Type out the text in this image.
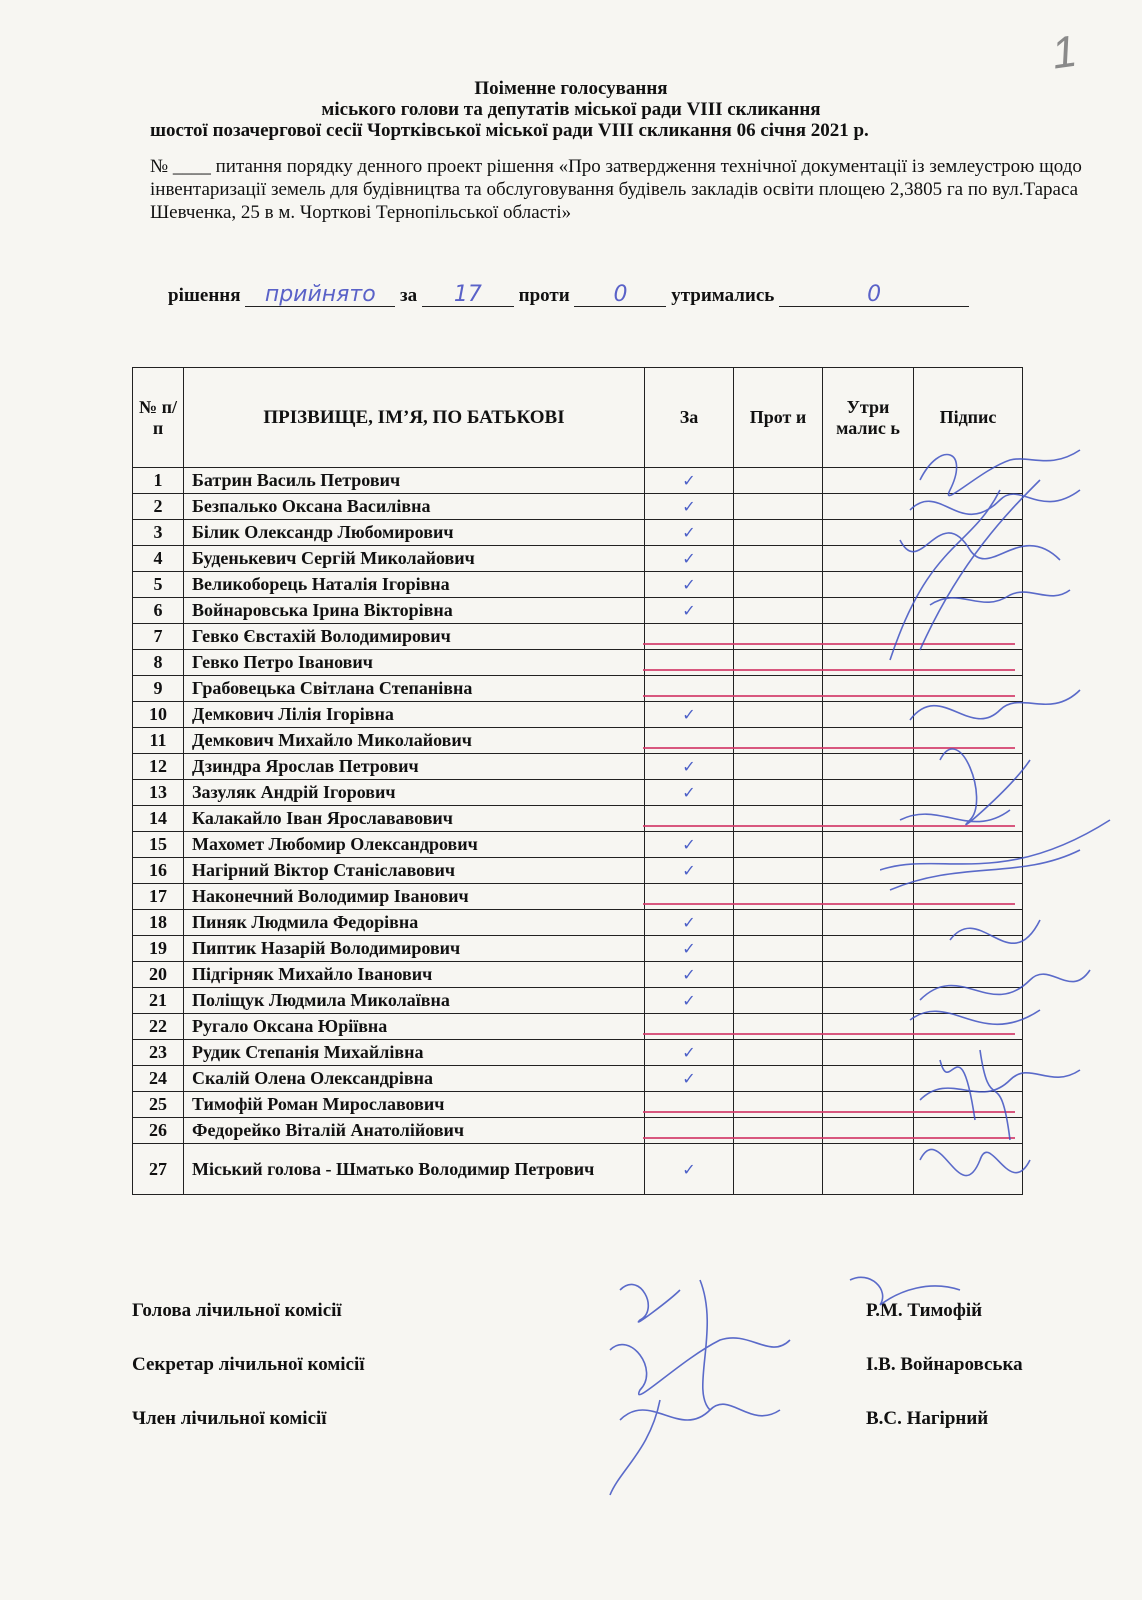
1
Поіменне голосування
міського голови та депутатів міської ради VIII скликання
шостої позачергової сесії Чортківської міської ради VIII скликання 06 січня 2021 р.
№ ____ питання порядку денного проект рішення «Про затвердження технічної документації із землеустрою щодо інвентаризації земель для будівництва та обслуговування будівель закладів освіти площею 2,3805 га по вул.Тараса Шевченка, 25 в м. Чорткові Тернопільської області»
рішення прийнято за 17 проти 0 утримались	0
№ п/п	ПРІЗВИЩЕ, ІМ’Я, ПО БАТЬКОВІ	За	Прот и	Утри малис ь	Підпис
1	Батрин Василь Петрович	✓			
2	Безпалько Оксана Василівна	✓			
3	Білик Олександр Любомирович	✓			
4	Буденькевич Сергій Миколайович	✓			
5	Великоборець Наталія Ігорівна	✓			
6	Войнаровська Ірина Вікторівна	✓			
7	Гевко Євстахій Володимирович				
8	Гевко Петро Іванович				
9	Грабовецька Світлана Степанівна				
10	Демкович Лілія Ігорівна	✓			
11	Демкович Михайло Миколайович				
12	Дзиндра Ярослав Петрович	✓			
13	Зазуляк Андрій Ігорович	✓			
14	Калакайло Іван Ярослававович				
15	Махомет Любомир Олександрович	✓			
16	Нагірний Віктор Станіславович	✓			
17	Наконечний Володимир Іванович				
18	Пиняк Людмила Федорівна	✓			
19	Пиптик Назарій Володимирович	✓			
20	Підгірняк Михайло Іванович	✓			
21	Поліщук Людмила Миколаївна	✓			
22	Ругало Оксана Юріївна				
23	Рудик Степанія Михайлівна	✓			
24	Скалій Олена Олександрівна	✓			
25	Тимофій Роман Мирославович				
26	Федорейко Віталій Анатолійович				
27	Міський голова - Шматько Володимир Петрович	✓			
Голова лічильної комісії	Р.М. Тимофій
Секретар лічильної комісії	І.В. Войнаровська
Член лічильної комісії	В.С. Нагірний
